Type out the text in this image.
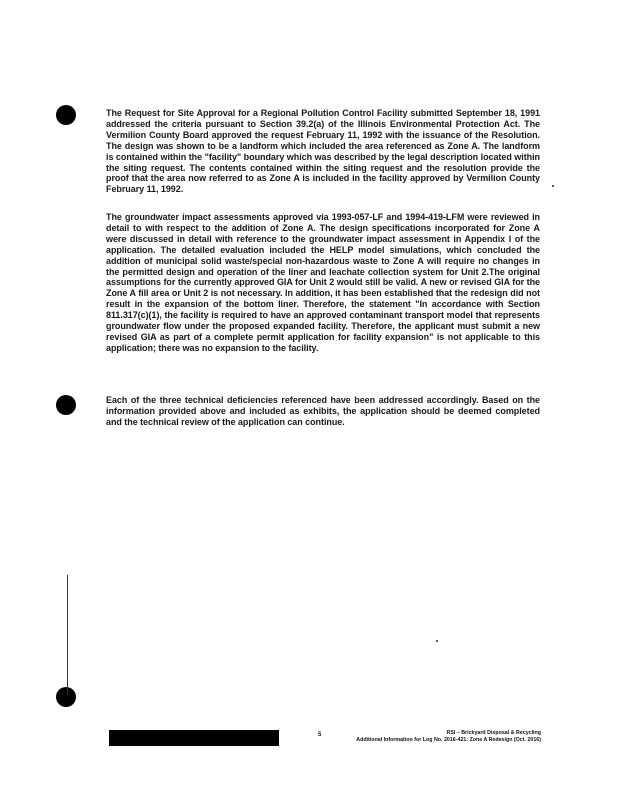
The Request for Site Approval for a Regional Pollution Control Facility submitted September 18, 1991 addressed the criteria pursuant to Section 39.2(a) of the Illinois Environmental Protection Act. The Vermilion County Board approved the request February 11, 1992 with the issuance of the Resolution. The design was shown to be a landform which included the area referenced as Zone A. The landform is contained within the "facility" boundary which was described by the legal description located within the siting request. The contents contained within the siting request and the resolution provide the proof that the area now referred to as Zone A is included in the facility approved by Vermilion County February 11, 1992.
The groundwater impact assessments approved via 1993-057-LF and 1994-419-LFM were reviewed in detail to with respect to the addition of Zone A. The design specifications incorporated for Zone A were discussed in detail with reference to the groundwater impact assessment in Appendix I of the application. The detailed evaluation included the HELP model simulations, which concluded the addition of municipal solid waste/special non-hazardous waste to Zone A will require no changes in the permitted design and operation of the liner and leachate collection system for Unit 2.The original assumptions for the currently approved GIA for Unit 2 would still be valid. A new or revised GIA for the Zone A fill area or Unit 2 is not necessary. In addition, it has been established that the redesign did not result in the expansion of the bottom liner. Therefore, the statement "In accordance with Section 811.317(c)(1), the facility is required to have an approved contaminant transport model that represents groundwater flow under the proposed expanded facility. Therefore, the applicant must submit a new revised GIA as part of a complete permit application for facility expansion" is not applicable to this application; there was no expansion to the facility.
Each of the three technical deficiencies referenced have been addressed accordingly. Based on the information provided above and included as exhibits, the application should be deemed completed and the technical review of the application can continue.
5	RSI – Brickyard Disposal & Recycling
Additional Information for Log No. 2016-421: Zone A Redesign (Oct. 2016)
